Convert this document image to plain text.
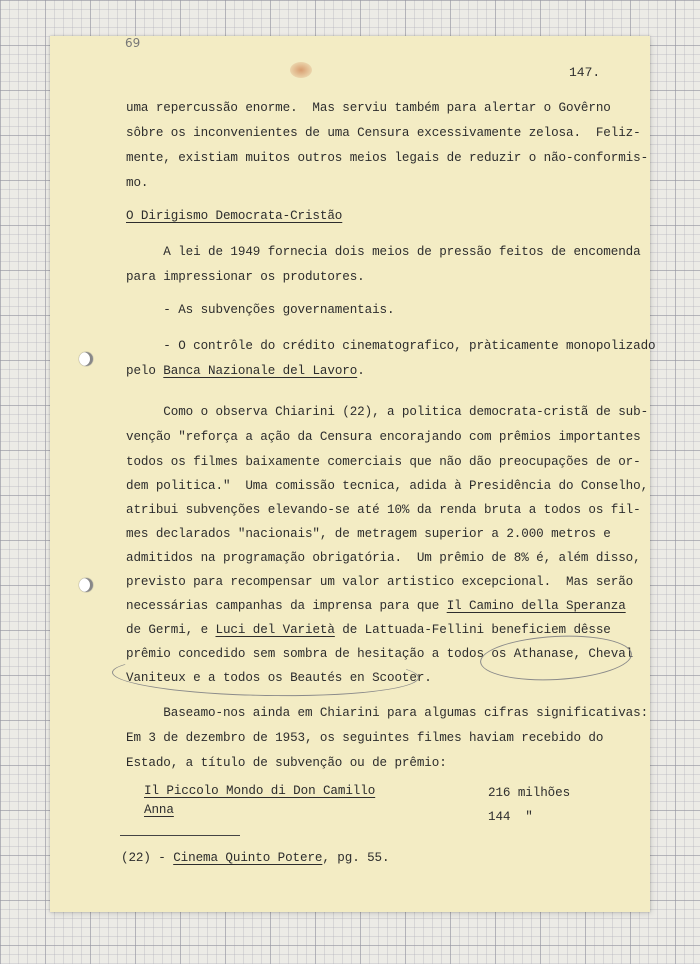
69
147.
uma repercussão enorme.  Mas serviu também para alertar o Govêrno
sôbre os inconvenientes de uma Censura excessivamente zelosa.  Feliz-
mente, existiam muitos outros meios legais de reduzir o não-conformis-
mo.
O Dirigismo Democrata-Cristão
A lei de 1949 fornecia dois meios de pressão feitos de encomenda
para impressionar os produtores.
- As subvenções governamentais.
- O contrôle do crédito cinematografico, pràticamente monopolizado
pelo Banca Nazionale del Lavoro.
Como o observa Chiarini (22), a politica democrata-cristã de sub-
venção "reforça a ação da Censura encorajando com prêmios importantes
todos os filmes baixamente comerciais que não dão preocupações de or-
dem politica."  Uma comissão tecnica, adida à Presidência do Conselho,
atribui subvenções elevando-se até 10% da renda bruta a todos os fil-
mes declarados "nacionais", de metragem superior a 2.000 metros e
admitidos na programação obrigatória.  Um prêmio de 8% é, além disso,
previsto para recompensar um valor artistico excepcional.  Mas serão
necessárias campanhas da imprensa para que Il Camino della Speranza
de Germi, e Luci del Varietà de Lattuada-Fellini beneficiem dêsse
prêmio concedido sem sombra de hesitação a todos os Athanase, Cheval
Vaniteux e a todos os Beautés en Scooter.
Baseamo-nos ainda em Chiarini para algumas cifras significativas:
Em 3 de dezembro de 1953, os seguintes filmes haviam recebido do
Estado, a título de subvenção ou de prêmio:
Il Piccolo Mondo di Don Camillo	216 milhões
Anna	144  "
(22) - Cinema Quinto Potere, pg. 55.
